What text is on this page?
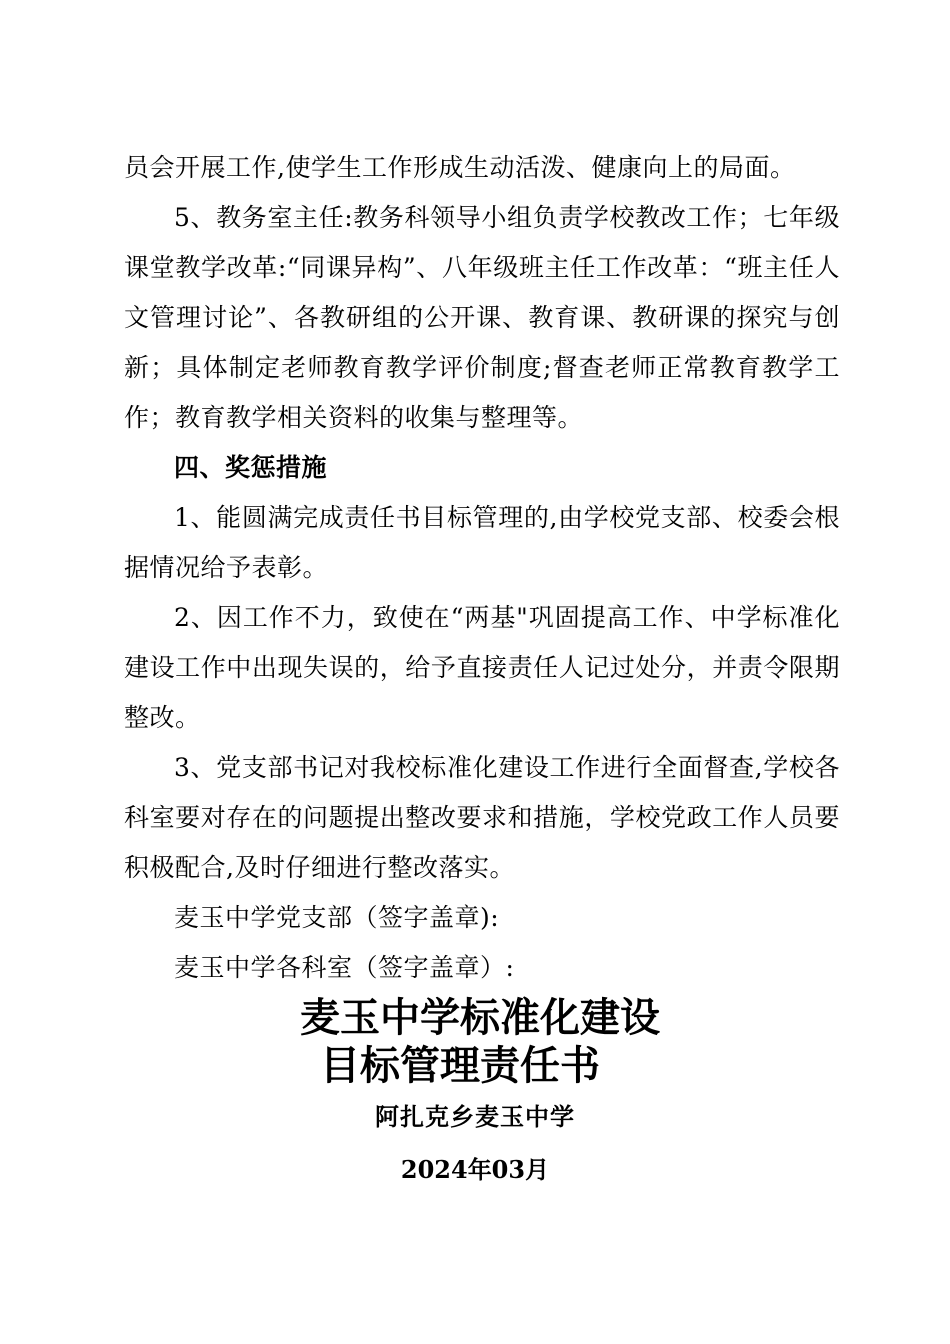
员会开展工作,使学生工作形成生动活泼、健康向上的局面。

5、教务室主任:教务科领导小组负责学校教改工作；七年级课堂教学改革:“同课异构”、八年级班主任工作改革：“班主任人文管理讨论”、各教研组的公开课、教育课、教研课的探究与创新；具体制定老师教育教学评价制度;督查老师正常教育教学工作；教育教学相关资料的收集与整理等。

四、奖惩措施

1、能圆满完成责任书目标管理的,由学校党支部、校委会根据情况给予表彰。

2、因工作不力，致使在“两基"巩固提高工作、中学标准化建设工作中出现失误的，给予直接责任人记过处分，并责令限期整改。

3、党支部书记对我校标准化建设工作进行全面督查,学校各科室要对存在的问题提出整改要求和措施，学校党政工作人员要积极配合,及时仔细进行整改落实。

麦玉中学党支部（签字盖章):

麦玉中学各科室（签字盖章）:

麦玉中学标准化建设

目标管理责任书

阿扎克乡麦玉中学

2024年03月
